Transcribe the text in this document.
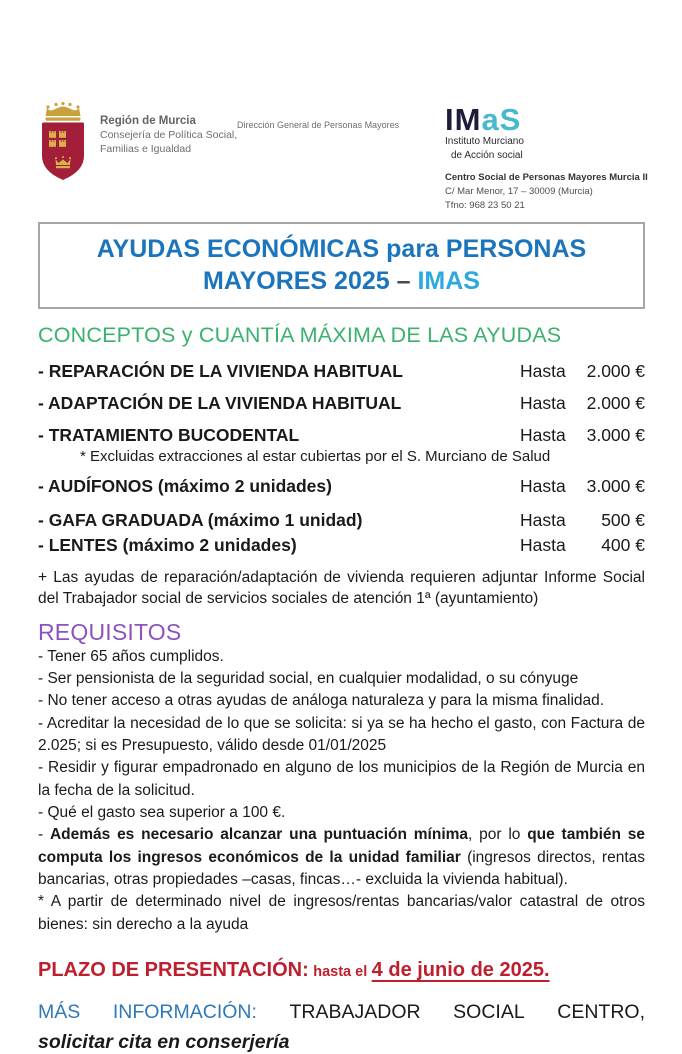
Región de Murcia
Consejería de Política Social,
Familias e Igualdad
Dirección General de Personas Mayores IMaS
Instituto Murciano
de Acción social
Centro Social de Personas Mayores Murcia II
C/ Mar Menor, 17 – 30009 (Murcia)
Tfno: 968 23 50 21
AYUDAS ECONÓMICAS para PERSONAS
MAYORES 2025 – IMAS
CONCEPTOS y CUANTÍA MÁXIMA DE LAS AYUDAS
- REPARACIÓN DE LA VIVIENDA HABITUAL	Hasta 2.000 €
- ADAPTACIÓN DE LA VIVIENDA HABITUAL	Hasta 2.000 €
- TRATAMIENTO BUCODENTAL	Hasta 3.000 €
* Excluidas extracciones al estar cubiertas por el S. Murciano de Salud
- AUDÍFONOS (máximo 2 unidades)	Hasta 3.000 €
- GAFA GRADUADA (máximo 1 unidad)	Hasta 500 €
- LENTES (máximo 2 unidades)	Hasta 400 €
+ Las ayudas de reparación/adaptación de vivienda requieren adjuntar Informe Social del Trabajador social de servicios sociales de atención 1ª (ayuntamiento)
REQUISITOS
- Tener 65 años cumplidos.
- Ser pensionista de la seguridad social, en cualquier modalidad, o su cónyuge
- No tener acceso a otras ayudas de análoga naturaleza y para la misma finalidad.
- Acreditar la necesidad de lo que se solicita: si ya se ha hecho el gasto, con Factura de 2.025; si es Presupuesto, válido desde 01/01/2025
- Residir y figurar empadronado en alguno de los municipios de la Región de Murcia en la fecha de la solicitud.
- Qué el gasto sea superior a 100 €.
- Además es necesario alcanzar una puntuación mínima, por lo que también se computa los ingresos económicos de la unidad familiar (ingresos directos, rentas bancarias, otras propiedades –casas, fincas…- excluida la vivienda habitual).
* A partir de determinado nivel de ingresos/rentas bancarias/valor catastral de otros bienes: sin derecho a la ayuda
PLAZO DE PRESENTACIÓN: hasta el 4 de junio de 2025.
MÁS INFORMACIÓN: TRABAJADOR SOCIAL CENTRO,
solicitar cita en conserjería
